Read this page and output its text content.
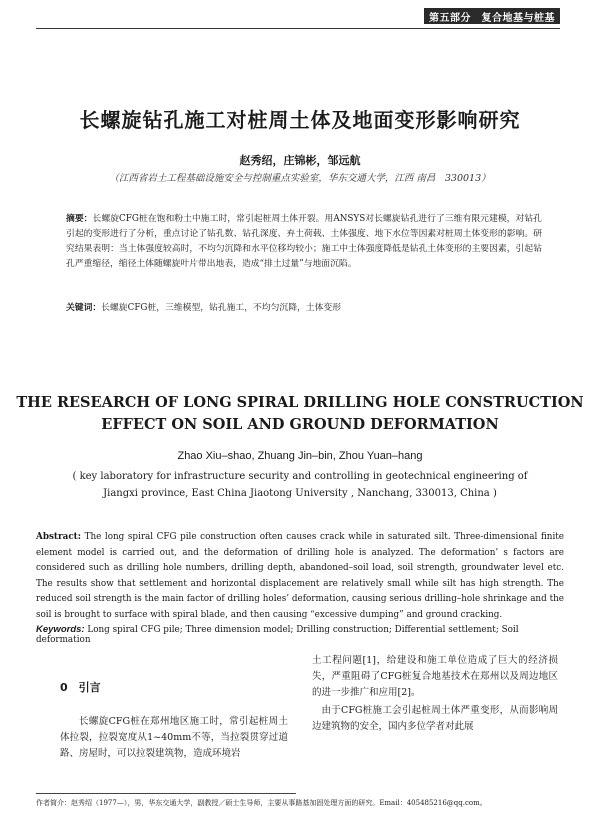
第五部分　复合地基与桩基
长螺旋钻孔施工对桩周土体及地面变形影响研究
赵秀绍，庄锦彬，邹远航
（江西省岩土工程基础设施安全与控制重点实验室，华东交通大学，江西 南昌　330013）
摘要：长螺旋CFG桩在饱和粉土中施工时，常引起桩周土体开裂。用ANSYS对长螺旋钻孔进行了三维有限元建模，对钻孔引起的变形进行了分析，重点讨论了钻孔数、钻孔深度、弃土荷载、土体强度、地下水位等因素对桩周土体变形的影响。研究结果表明：当土体强度较高时，不均匀沉降和水平位移均较小；施工中土体强度降低是钻孔土体变形的主要因素，引起钻孔严重缩径，缩径土体随螺旋叶片带出地表，造成“排土过量”与地面沉陷。
关键词：长螺旋CFG桩，三维模型，钻孔施工，不均匀沉降，土体变形
THE RESEARCH OF LONG SPIRAL DRILLING HOLE CONSTRUCTION
EFFECT ON SOIL AND GROUND DEFORMATION
Zhao Xiu–shao, Zhuang Jin–bin, Zhou Yuan–hang
( key laboratory for infrastructure security and controlling in geotechnical engineering of Jiangxi province, East China Jiaotong University , Nanchang, 330013, China )
Abstract: The long spiral CFG pile construction often causes crack while in saturated silt. Three-dimensional finite element model is carried out, and the deformation of drilling hole is analyzed. The deformation’ s factors are considered such as drilling hole numbers, drilling depth, abandoned–soil load, soil strength, groundwater level etc. The results show that settlement and horizontal displacement are relatively small while silt has high strength. The reduced soil strength is the main factor of drilling holes’ deformation, causing serious drilling–hole shrinkage and the soil is brought to surface with spiral blade, and then causing “excessive dumping” and ground cracking.
Keywords: Long spiral CFG pile; Three dimension model; Drilling construction; Differential settlement; Soil deformation
0　引言
长螺旋CFG桩在郑州地区施工时，常引起桩周土体拉裂，拉裂宽度从1~40mm不等，当拉裂贯穿过道路、房屋时，可以拉裂建筑物，造成环境岩

土工程问题[1]，给建设和施工单位造成了巨大的经济损失，严重阻碍了CFG桩复合地基技术在郑州以及周边地区的进一步推广和应用[2]。

由于CFG桩施工会引起桩周土体严重变形，从而影响周边建筑物的安全，国内多位学者对此展

作者简介：赵秀绍（1977—），男，华东交通大学，副教授／硕士生导师，主要从事路基加固处理方面的研究。Email：405485216@qq.com。
